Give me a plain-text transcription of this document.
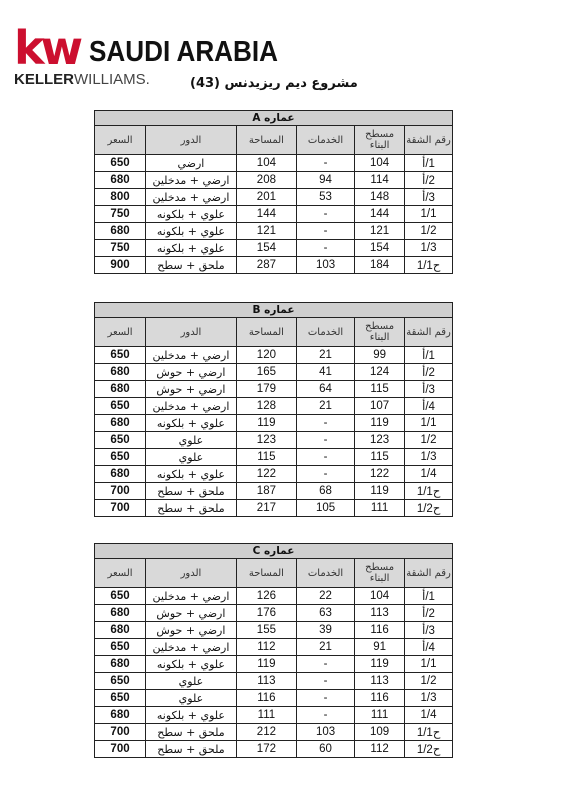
kw SAUDI ARABIA
KELLERWILLIAMS.	مشروع ديم ريزيدنس (43)
عماره A					
رقم الشقة	مسطح البناء	الخدمات	المساحة	الدور	السعر
1/أ	104	-	104	ارضي	650
2/أ	114	94	208	ارضي + مدخلين	680
3/أ	148	53	201	ارضي + مدخلين	800
1/1	144	-	144	علوي + بلكونه	750
1/2	121	-	121	علوي + بلكونه	680
1/3	154	-	154	علوي + بلكونه	750
ح1/1	184	103	287	ملحق + سطح	900
عماره B					
رقم الشقة	مسطح البناء	الخدمات	المساحة	الدور	السعر
1/أ	99	21	120	ارضي + مدخلين	650
2/أ	124	41	165	ارضي + حوش	680
3/أ	115	64	179	ارضي + حوش	680
4/أ	107	21	128	ارضي + مدخلين	650
1/1	119	-	119	علوي + بلكونه	680
1/2	123	-	123	علوي	650
1/3	115	-	115	علوي	650
1/4	122	-	122	علوي + بلكونه	680
ح1/1	119	68	187	ملحق + سطح	700
ح1/2	111	105	217	ملحق + سطح	700
عماره C					
رقم الشقة	مسطح البناء	الخدمات	المساحة	الدور	السعر
1/أ	104	22	126	ارضي + مدخلين	650
2/أ	113	63	176	ارضي + حوش	680
3/أ	116	39	155	ارضي + حوش	680
4/أ	91	21	112	ارضي + مدخلين	650
1/1	119	-	119	علوي + بلكونه	680
1/2	113	-	113	علوي	650
1/3	116	-	116	علوي	650
1/4	111	-	111	علوي + بلكونه	680
ح1/1	109	103	212	ملحق + سطح	700
ح1/2	112	60	172	ملحق + سطح	700
